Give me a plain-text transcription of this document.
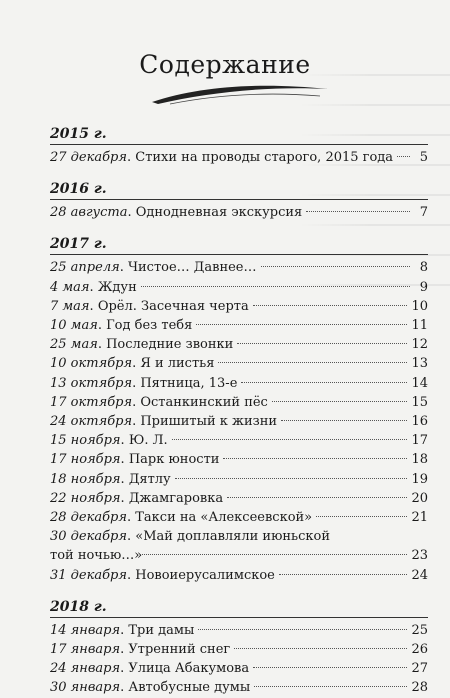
Содержание
2015 г.
27 декабря. Стихи на проводы старого, 2015 года	5
2016 г.
28 августа. Однодневная экскурсия	7
2017 г.
25 апреля. Чистое… Давнее…	8
4 мая. Ждун	9
7 мая. Орёл. Засечная черта	10
10 мая. Год без тебя	11
25 мая. Последние звонки	12
10 октября. Я и листья	13
13 октября. Пятница, 13-е	14
17 октября. Останкинский пёс	15
24 октября. Пришитый к жизни	16
15 ноября. Ю. Л.	17
17 ноября. Парк юности	18
18 ноября. Дятлу	19
22 ноября. Джамгаровка	20
28 декабря. Такси на «Алексеевской»	21
30 декабря. «Май доплавляли июньской
той ночью…»	23
31 декабря. Новоиерусалимское	24
2018 г.
14 января. Три дамы	25
17 января. Утренний снег	26
24 января. Улица Абакумова	27
30 января. Автобусные думы	28
